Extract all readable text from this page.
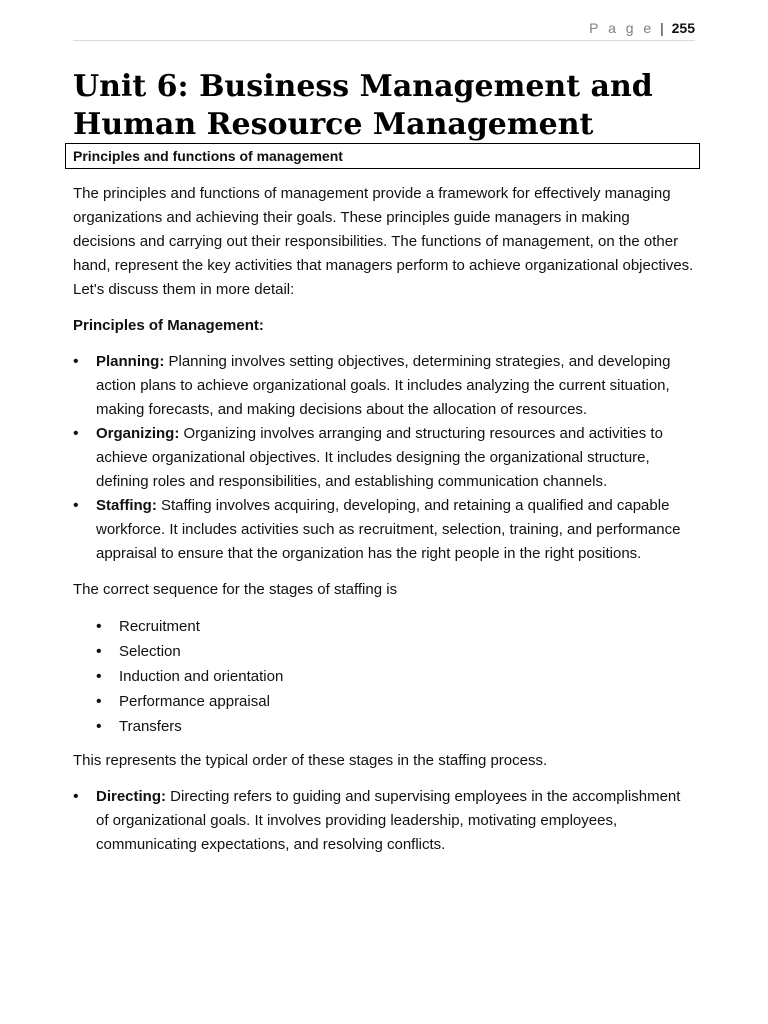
P a g e | 255
Unit 6: Business Management and Human Resource Management
Principles and functions of management

The principles and functions of management provide a framework for effectively managing organizations and achieving their goals. These principles guide managers in making decisions and carrying out their responsibilities. The functions of management, on the other hand, represent the key activities that managers perform to achieve organizational objectives. Let's discuss them in more detail:

Principles of Management:

• Planning: Planning involves setting objectives, determining strategies, and developing action plans to achieve organizational goals. It includes analyzing the current situation, making forecasts, and making decisions about the allocation of resources.
• Organizing: Organizing involves arranging and structuring resources and activities to achieve organizational objectives. It includes designing the organizational structure, defining roles and responsibilities, and establishing communication channels.
• Staffing: Staffing involves acquiring, developing, and retaining a qualified and capable workforce. It includes activities such as recruitment, selection, training, and performance appraisal to ensure that the organization has the right people in the right positions.

The correct sequence for the stages of staffing is

• Recruitment
• Selection
• Induction and orientation
• Performance appraisal
• Transfers

This represents the typical order of these stages in the staffing process.

• Directing: Directing refers to guiding and supervising employees in the accomplishment of organizational goals. It involves providing leadership, motivating employees, communicating expectations, and resolving conflicts.
